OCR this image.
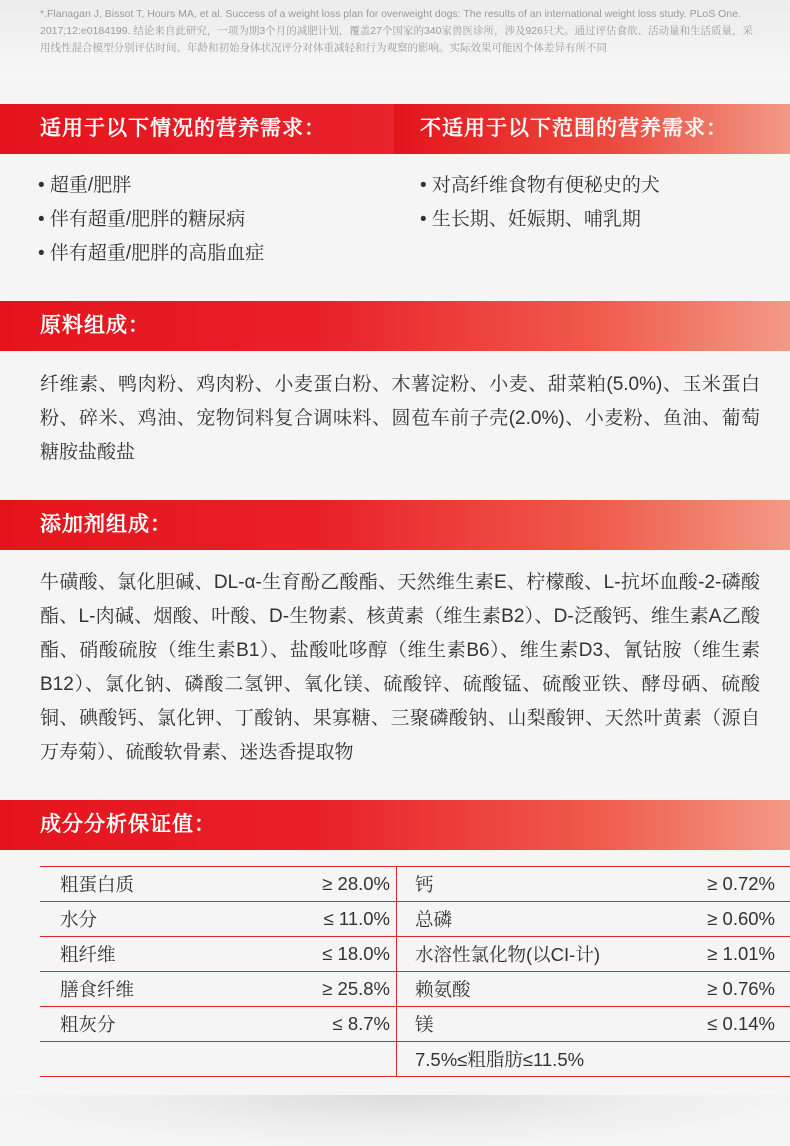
*.Flanagan J, Bissot T, Hours MA, et al. Success of a weight loss plan for overweight dogs: The results of an international weight loss study. PLoS One. 2017;12:e0184199. 结论来自此研究，一项为期3个月的减肥计划，覆盖27个国家的340家兽医诊所，涉及926只犬。通过评估食欲、活动量和生活质量，采用线性混合模型分别评估时间、年龄和初始身体状况评分对体重减轻和行为观察的影响。实际效果可能因个体差异有所不同

适用于以下情况的营养需求：	不适用于以下范围的营养需求：
• 超重/肥胖
• 伴有超重/肥胖的糖尿病
• 伴有超重/肥胖的高脂血症
• 对高纤维食物有便秘史的犬
• 生长期、妊娠期、哺乳期
原料组成：

纤维素、鸭肉粉、鸡肉粉、小麦蛋白粉、木薯淀粉、小麦、甜菜粕(5.0%)、玉米蛋白粉、碎米、鸡油、宠物饲料复合调味料、圆苞车前子壳(2.0%)、小麦粉、鱼油、葡萄糖胺盐酸盐

添加剂组成：

牛磺酸、氯化胆碱、DL-α-生育酚乙酸酯、天然维生素E、柠檬酸、L-抗坏血酸-2-磷酸酯、L-肉碱、烟酸、叶酸、D-生物素、核黄素（维生素B2）、D-泛酸钙、维生素A乙酸酯、硝酸硫胺（维生素B1）、盐酸吡哆醇（维生素B6）、维生素D3、氰钴胺（维生素B12）、氯化钠、磷酸二氢钾、氧化镁、硫酸锌、硫酸锰、硫酸亚铁、酵母硒、硫酸铜、碘酸钙、氯化钾、丁酸钠、果寡糖、三聚磷酸钠、山梨酸钾、天然叶黄素（源自万寿菊）、硫酸软骨素、迷迭香提取物

成分分析保证值：
粗蛋白质	≥ 28.0%		钙	≥ 0.72%
水分	≤ 11.0%		总磷	≥ 0.60%
粗纤维	≤ 18.0%		水溶性氯化物(以CI-计)	≥ 1.01%
膳食纤维	≥ 25.8%		赖氨酸	≥ 0.76%
粗灰分	≤ 8.7%		镁	≤ 0.14%
			7.5%≤粗脂肪≤11.5%	
